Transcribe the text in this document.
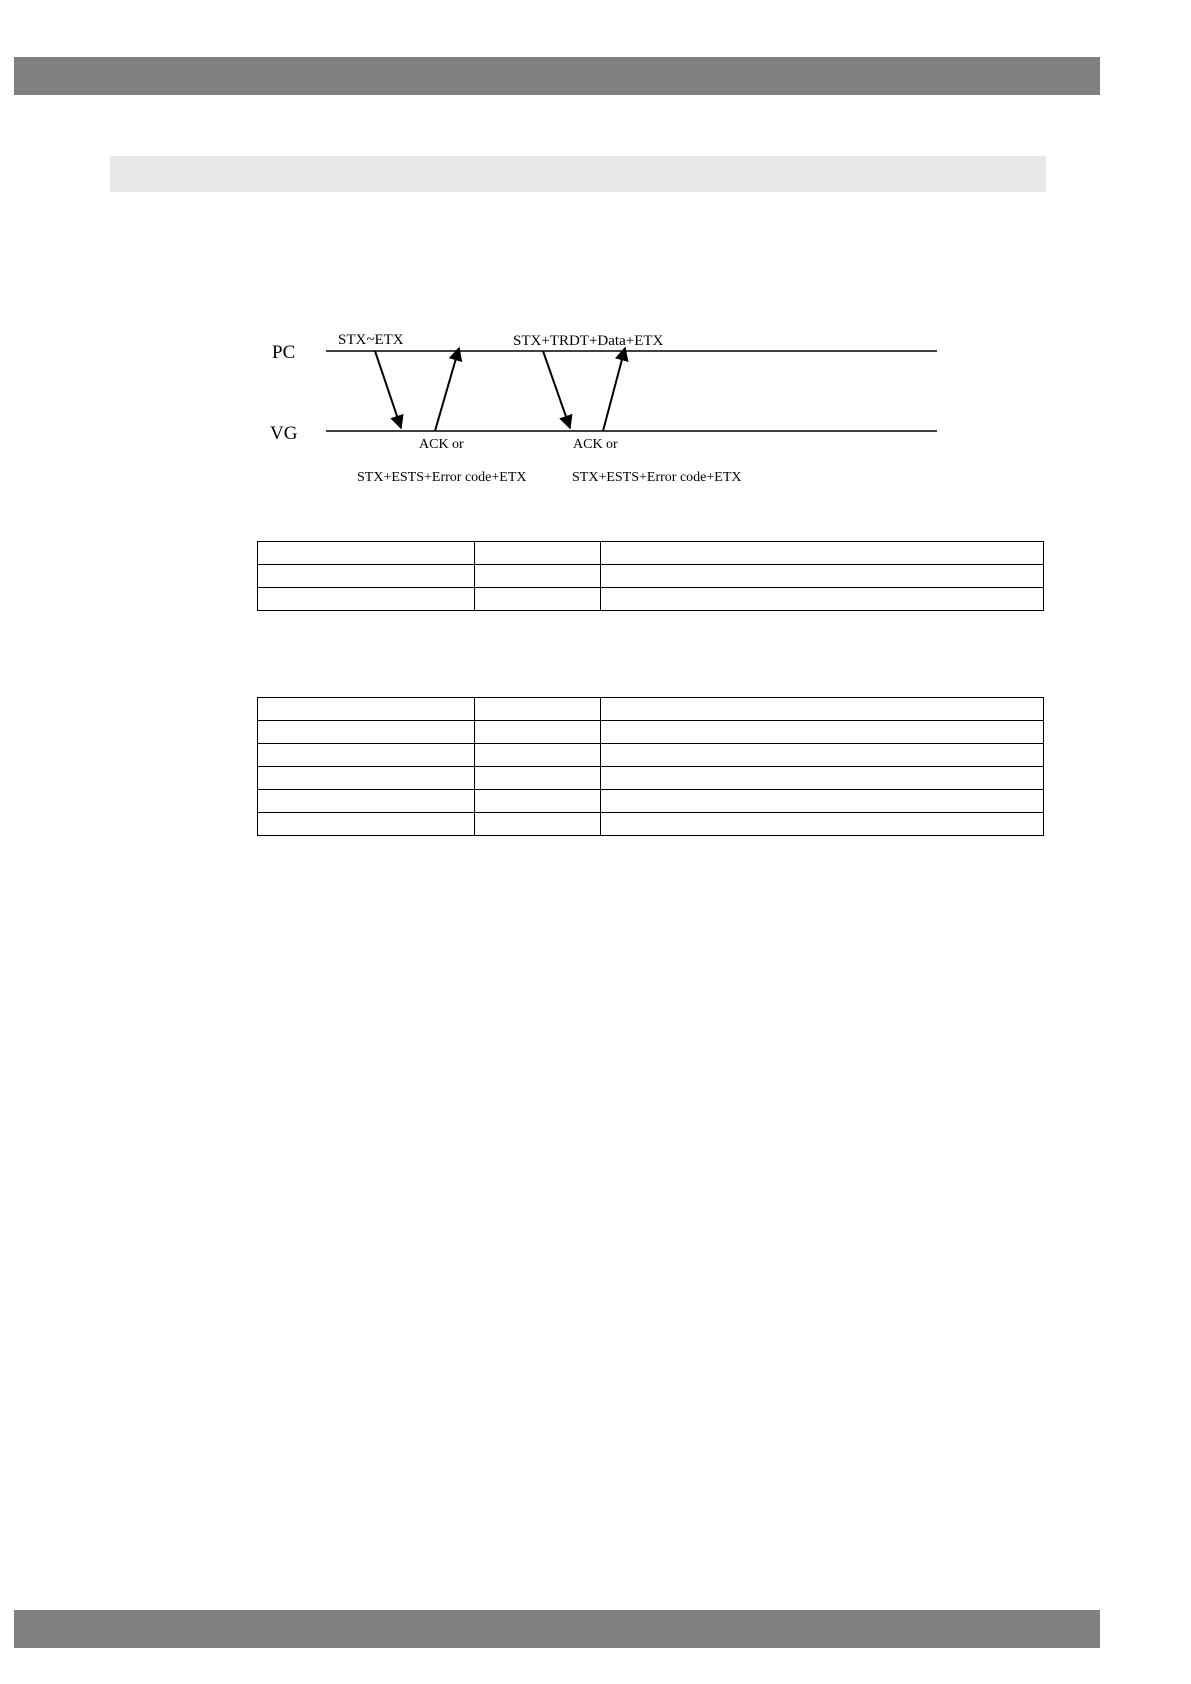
PC
VG
STX~ETX	STX+TRDT+Data+ETX
ACK or
STX+ESTS+Error code+ETX
ACK or
STX+ESTS+Error code+ETX
